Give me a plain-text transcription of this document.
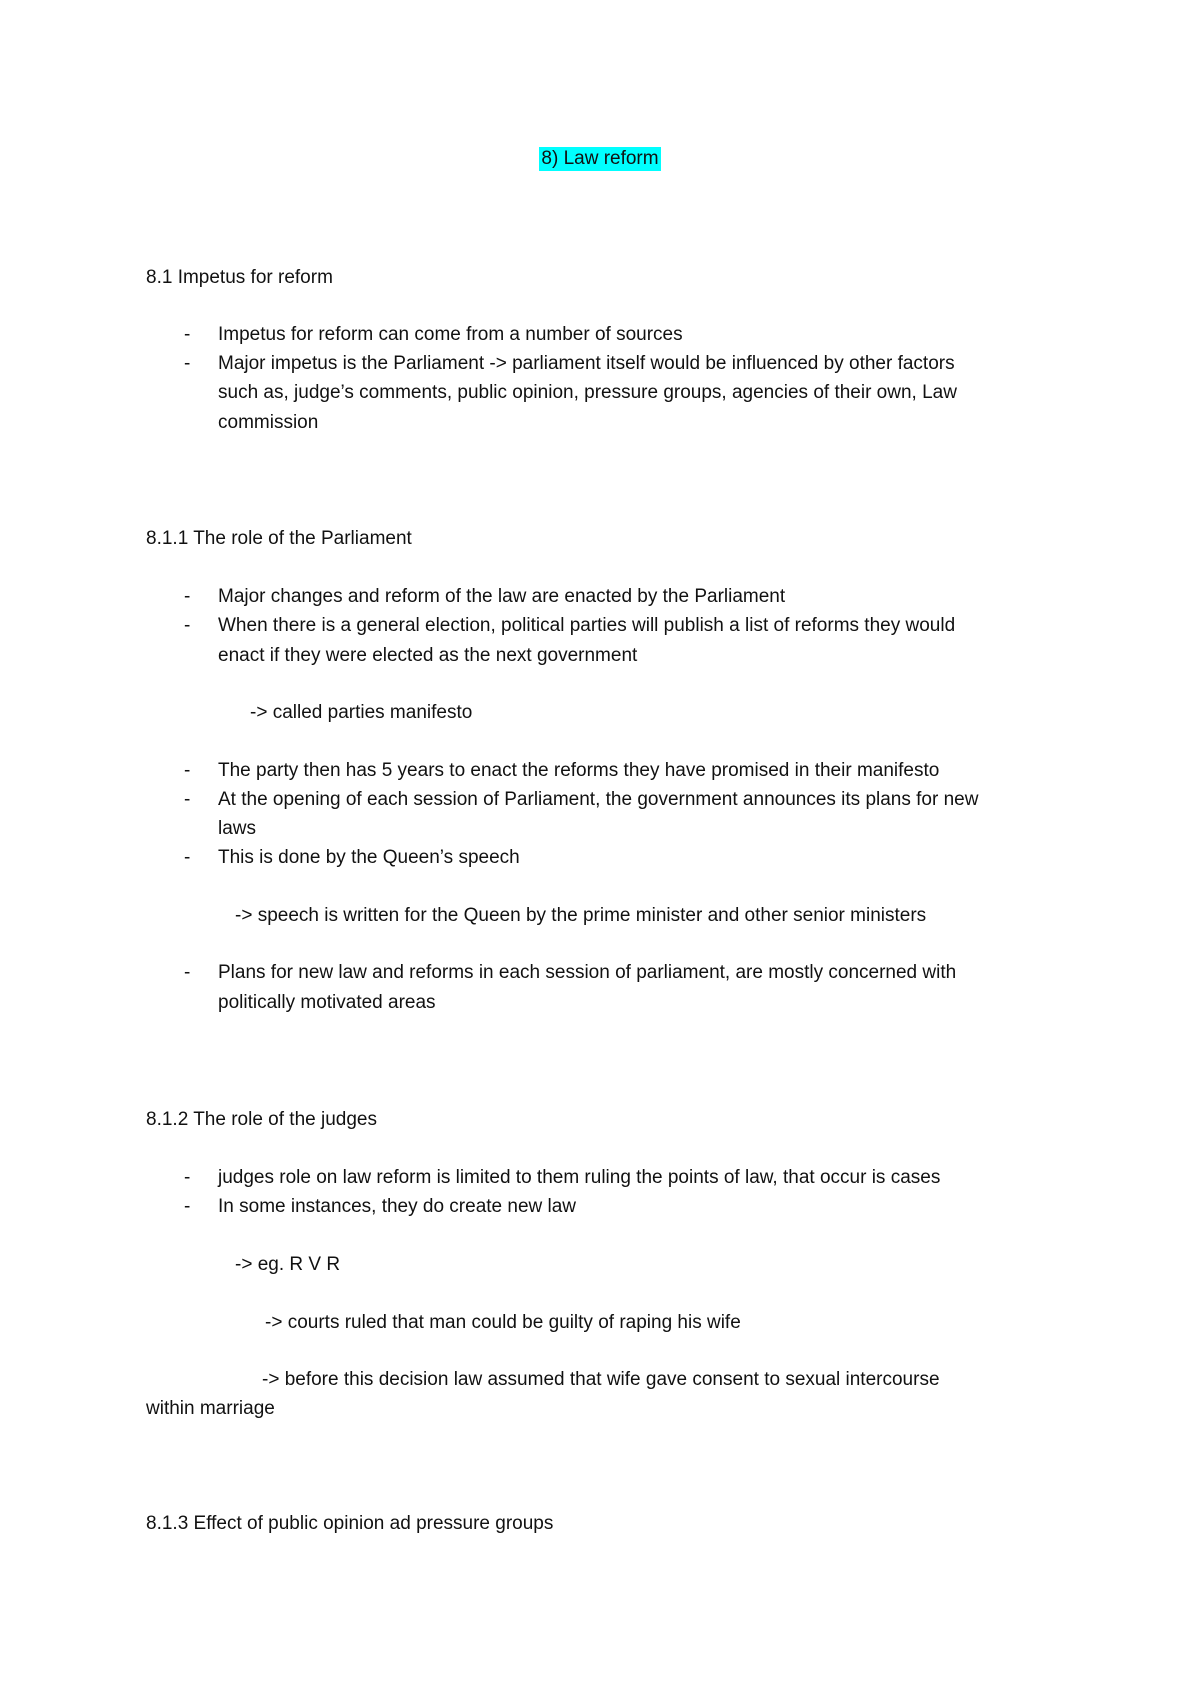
8) Law reform
8.1 Impetus for reform
- Impetus for reform can come from a number of sources
- Major impetus is the Parliament -> parliament itself would be influenced by other factors
such as, judge’s comments, public opinion, pressure groups, agencies of their own, Law
commission
8.1.1 The role of the Parliament
- Major changes and reform of the law are enacted by the Parliament
- When there is a general election, political parties will publish a list of reforms they would
enact if they were elected as the next government
-> called parties manifesto
- The party then has 5 years to enact the reforms they have promised in their manifesto
- At the opening of each session of Parliament, the government announces its plans for new
laws
- This is done by the Queen’s speech
-> speech is written for the Queen by the prime minister and other senior ministers
- Plans for new law and reforms in each session of parliament, are mostly concerned with
politically motivated areas
8.1.2 The role of the judges
- judges role on law reform is limited to them ruling the points of law, that occur is cases
- In some instances, they do create new law
-> eg. R V R
-> courts ruled that man could be guilty of raping his wife
-> before this decision law assumed that wife gave consent to sexual intercourse
within marriage
8.1.3 Effect of public opinion ad pressure groups
